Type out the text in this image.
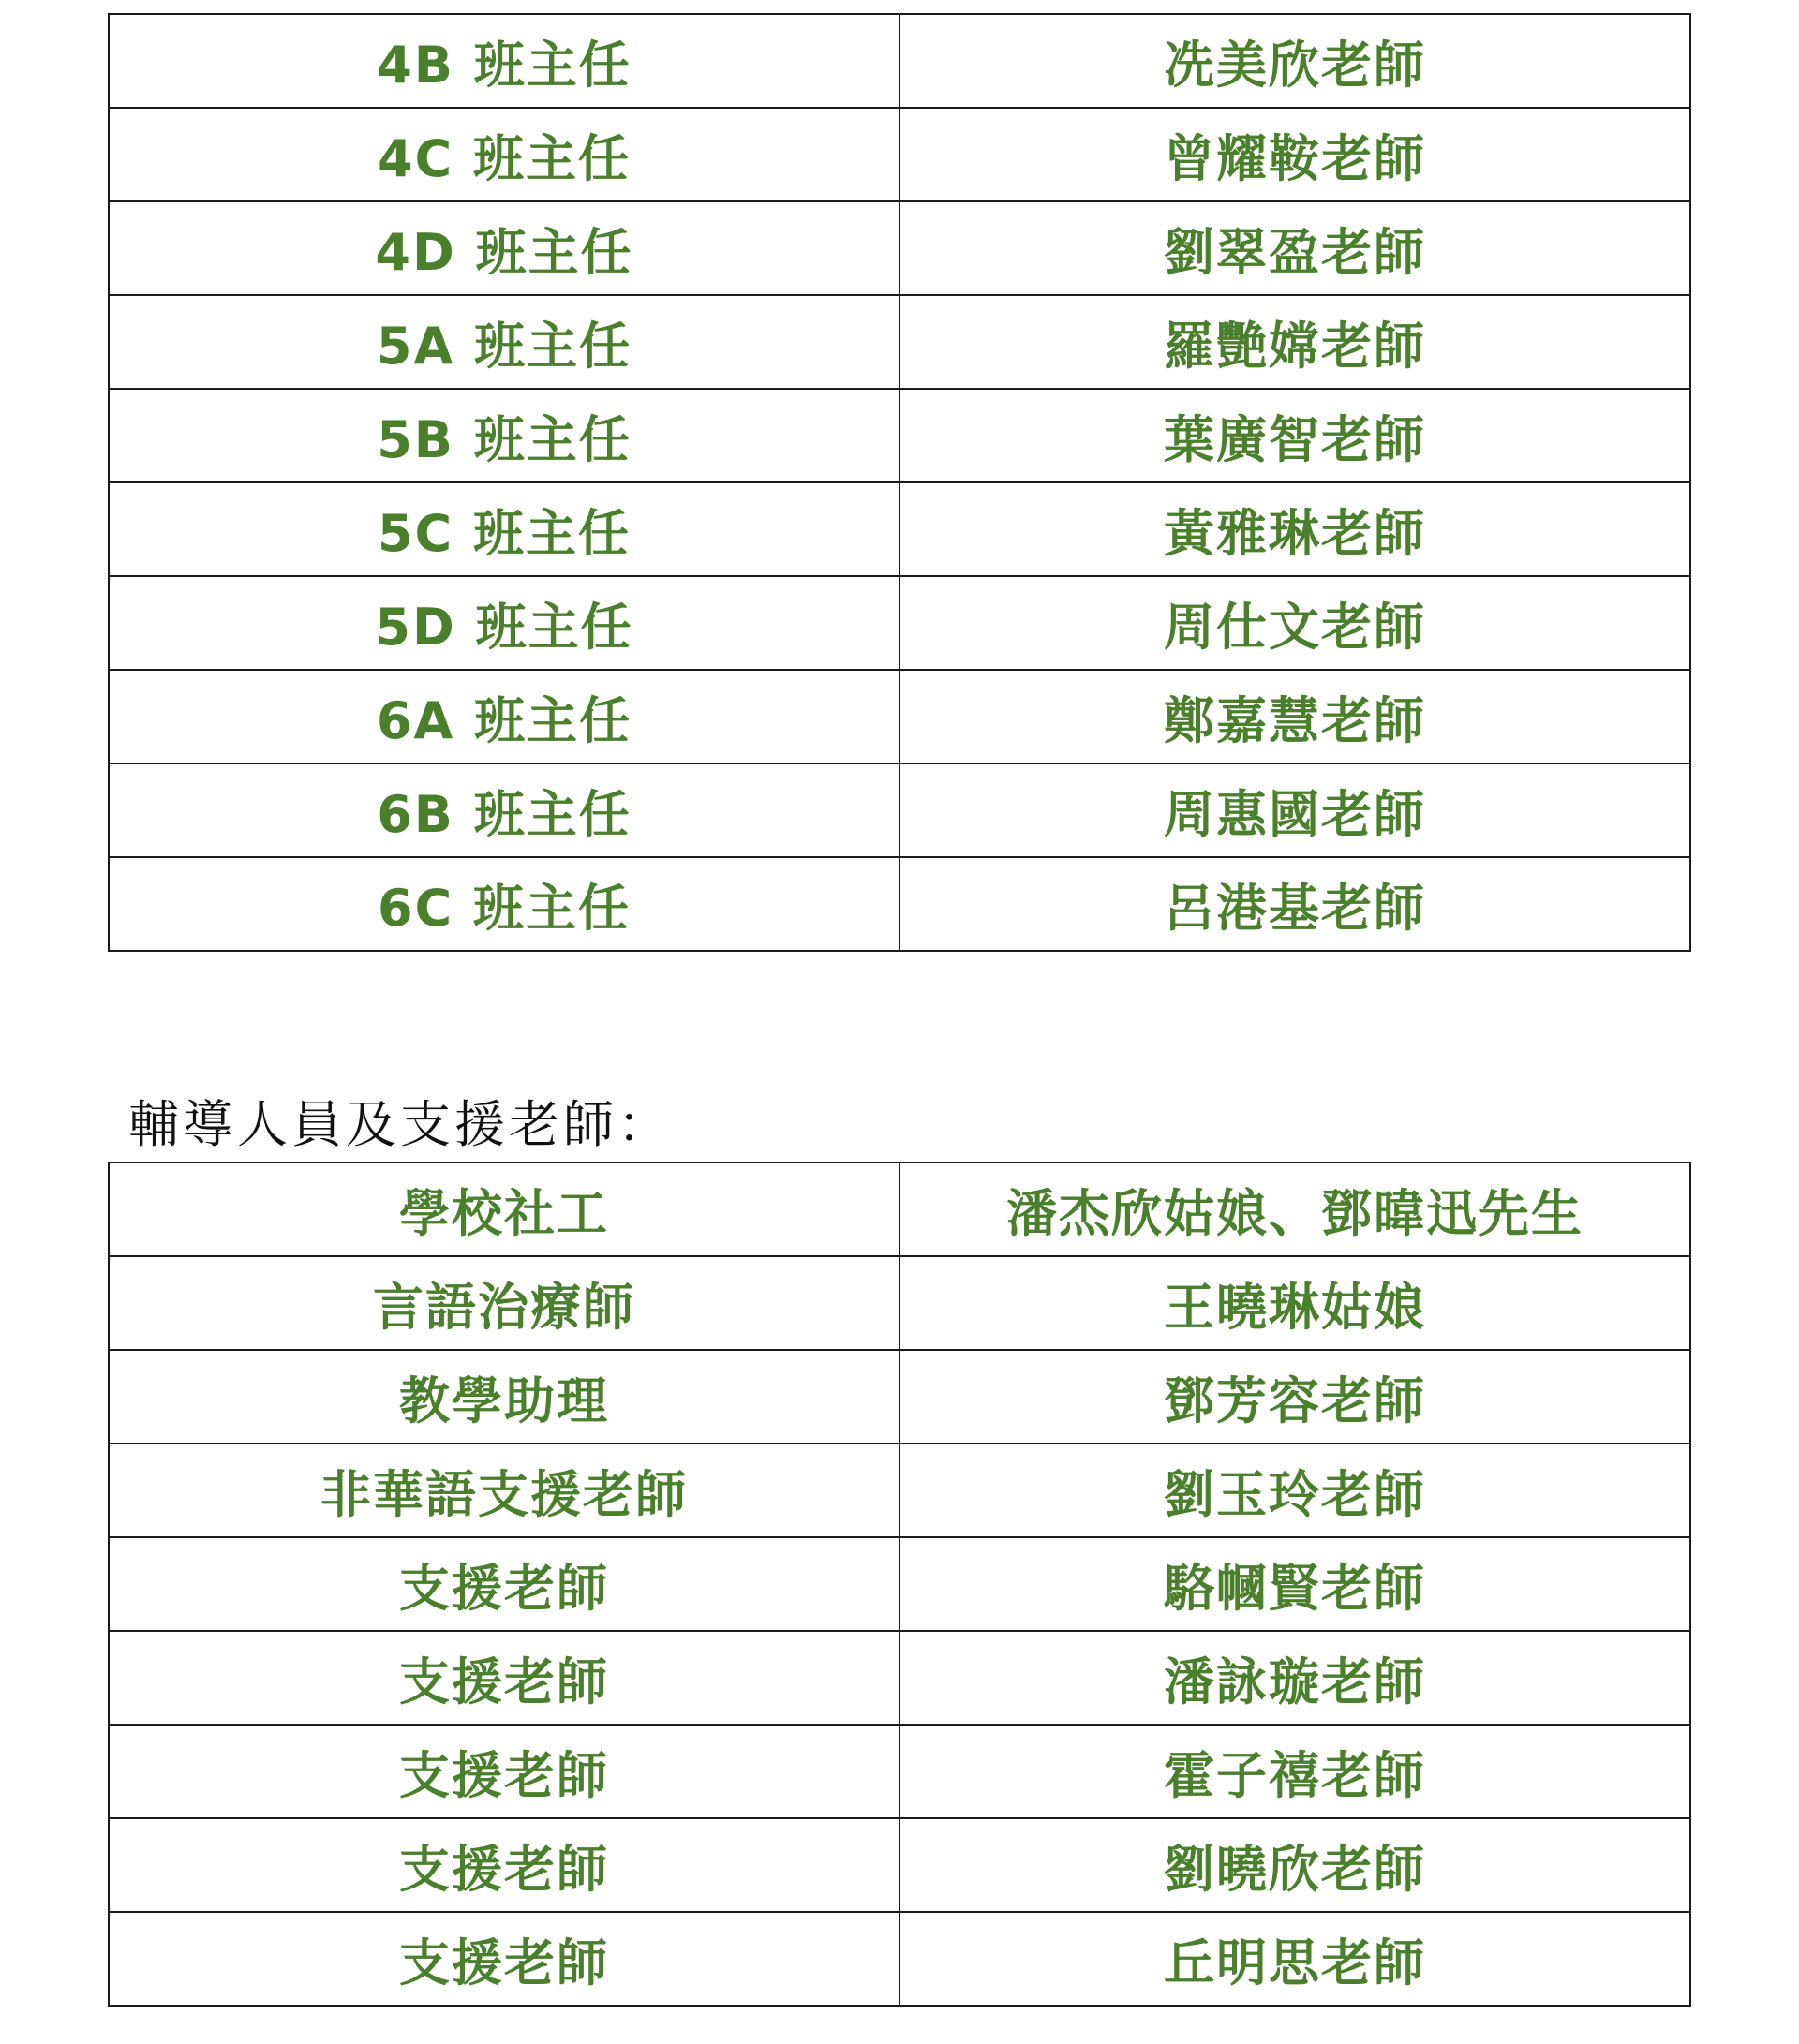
4B 班主任	冼美欣老師
4C 班主任	曾耀鞍老師
4D 班主任	劉翠盈老師
5A 班主任	羅艷嫦老師
5B 班主任	葉廣智老師
5C 班主任	黃雅琳老師
5D 班主任	周仕文老師
6A 班主任	鄭嘉慧老師
6B 班主任	周惠國老師
6C 班主任	呂港基老師
輔導人員及支援老師：
學校社工	潘杰欣姑娘、鄧暐迅先生
言語治療師	王曉琳姑娘
教學助理	鄧芳容老師
非華語支援老師	劉玉玲老師
支援老師	駱幗賢老師
支援老師	潘詠璇老師
支援老師	霍子禧老師
支援老師	劉曉欣老師
支援老師	丘明思老師
